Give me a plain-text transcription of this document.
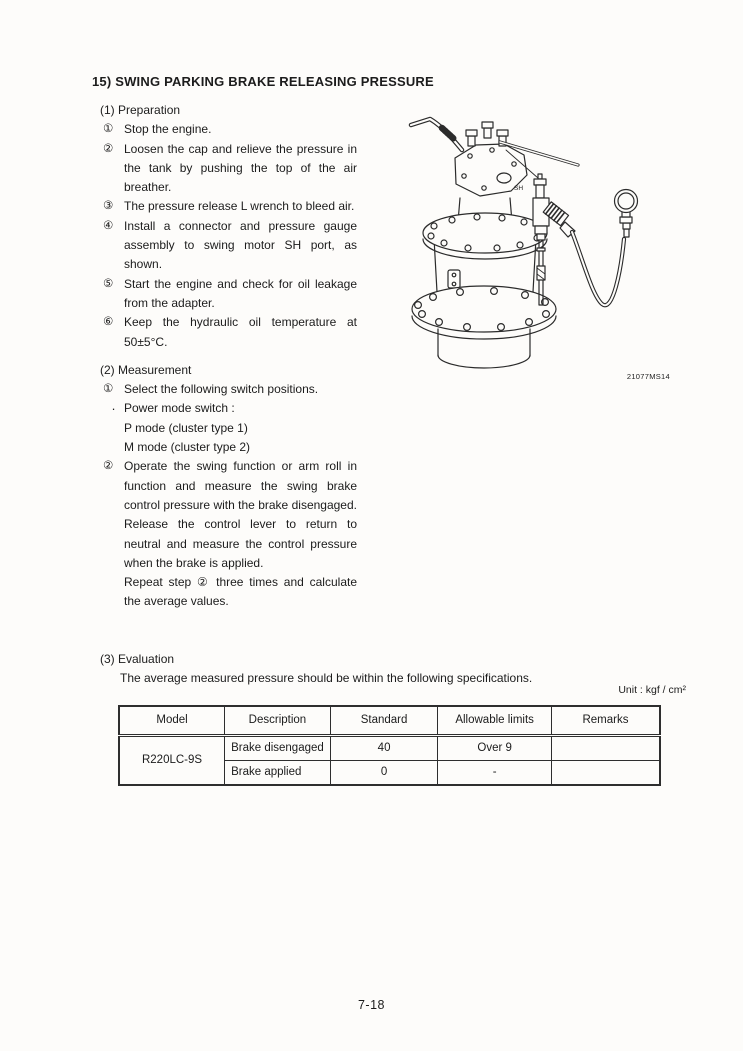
15) SWING PARKING BRAKE RELEASING PRESSURE
(1) Preparation
① Stop the engine.
② Loosen the cap and relieve the pressure in the tank by pushing the top of the air breather.
③ The pressure release L wrench to bleed air.
④ Install a connector and pressure gauge assembly to swing motor SH port, as shown.
⑤ Start the engine and check for oil leakage from the adapter.
⑥ Keep the hydraulic oil temperature at 50±5°C.
(2) Measurement
① Select the following switch positions.
· Power mode switch :
P mode (cluster type 1)
M mode (cluster type 2)
② Operate the swing function or arm roll in function and measure the swing brake control pressure with the brake disengaged. Release the control lever to return to neutral and measure the control pressure when the brake is applied.
Repeat step ② three times and calculate the average values.
(3) Evaluation
The average measured pressure should be within the following specifications.
Unit : kgf / cm²
Model	Description	Standard	Allowable limits	Remarks
R220LC-9S	Brake disengaged	40	Over 9	
	Brake applied	0	-	
SH
21077MS14
7-18
